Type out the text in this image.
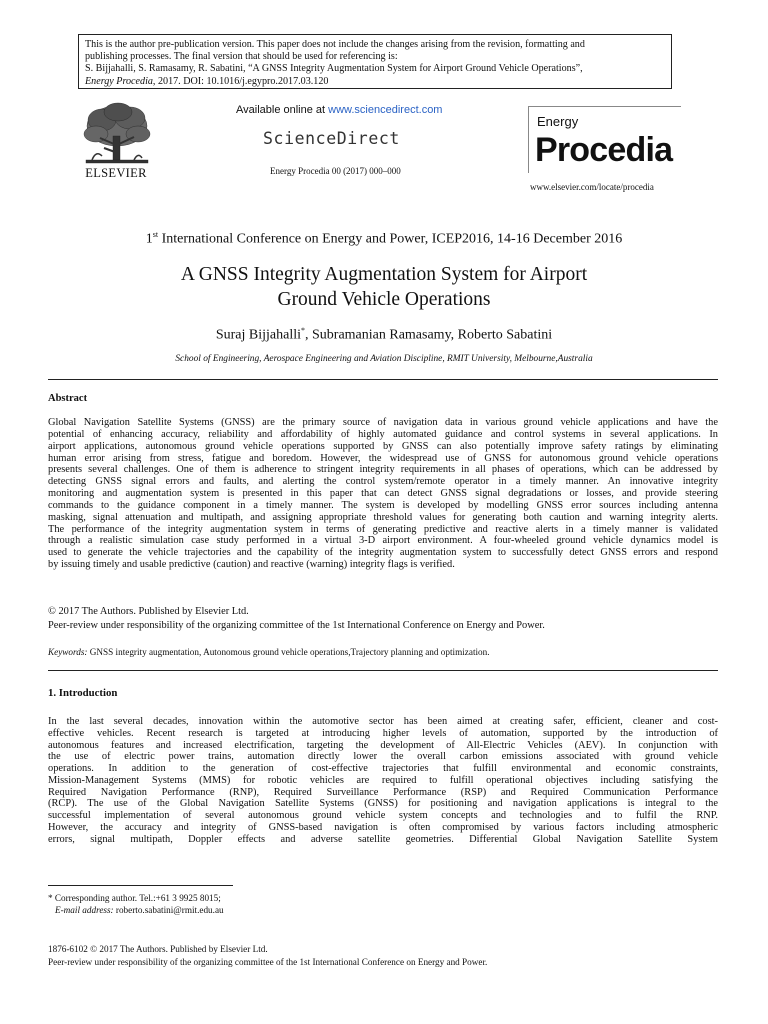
This is the author pre-publication version. This paper does not include the changes arising from the revision, formatting and
publishing processes. The final version that should be used for referencing is:
S. Bijjahalli, S. Ramasamy, R. Sabatini, “A GNSS Integrity Augmentation System for Airport Ground Vehicle Operations”,
Energy Procedia, 2017. DOI: 10.1016/j.egypro.2017.03.120
ELSEVIER
Available online at www.sciencedirect.com
ScienceDirect
Energy Procedia 00 (2017) 000–000
Energy
Procedia
www.elsevier.com/locate/procedia
1st International Conference on Energy and Power, ICEP2016, 14-16 December 2016
A GNSS Integrity Augmentation System for Airport
Ground Vehicle Operations
Suraj Bijjahalli*, Subramanian Ramasamy, Roberto Sabatini
School of Engineering, Aerospace Engineering and Aviation Discipline, RMIT University, Melbourne,Australia
Abstract
Global Navigation Satellite Systems (GNSS) are the primary source of navigation data in various ground vehicle applications and have the
potential of enhancing accuracy, reliability and affordability of highly automated guidance and control systems in several applications. In
airport applications, autonomous ground vehicle operations supported by GNSS can also potentially improve safety ratings by eliminating
human error arising from stress, fatigue and boredom. However, the widespread use of GNSS for autonomous ground vehicle operations
presents several challenges. One of them is adherence to stringent integrity requirements in all phases of operations, which can be addressed by
detecting GNSS signal errors and faults, and alerting the control system/remote operator in a timely manner. An innovative integrity
monitoring and augmentation system is presented in this paper that can detect GNSS signal degradations or losses, and provide steering
commands to the guidance component in a timely manner. The system is developed by modelling GNSS error sources including antenna
masking, signal attenuation and multipath, and assigning appropriate threshold values for generating both caution and warning integrity alerts.
The performance of the integrity augmentation system in terms of generating predictive and reactive alerts in a timely manner is validated
through a realistic simulation case study performed in a virtual 3-D airport environment. A four-wheeled ground vehicle dynamics model is
used to generate the vehicle trajectories and the capability of the integrity augmentation system to successfully detect GNSS errors and respond
by issuing timely and usable predictive (caution) and reactive (warning) integrity flags is verified.
© 2017 The Authors. Published by Elsevier Ltd.
Peer-review under responsibility of the organizing committee of the 1st International Conference on Energy and Power.
Keywords: GNSS integrity augmentation, Autonomous ground vehicle operations,Trajectory planning and optimization.
1. Introduction
In the last several decades, innovation within the automotive sector has been aimed at creating safer, efficient, cleaner and cost-
effective vehicles. Recent research is targeted at introducing higher levels of automation, supported by the introduction of
autonomous features and increased electrification, targeting the development of All-Electric Vehicles (AEV). In conjunction with
the use of electric power trains, automation directly lower the overall carbon emissions associated with ground vehicle
operations. In addition to the generation of cost-effective trajectories that fulfill environmental and economic constraints,
Mission-Management Systems (MMS) for robotic vehicles are required to fulfill operational objectives including satisfying the
Required Navigation Performance (RNP), Required Surveillance Performance (RSP) and Required Communication Performance
(RCP). The use of the Global Navigation Satellite Systems (GNSS) for positioning and navigation applications is integral to the
successful implementation of several autonomous ground vehicle system concepts and technologies and to fulfil the RNP.
However, the accuracy and integrity of GNSS-based navigation is often compromised by various factors including atmospheric
errors, signal multipath, Doppler effects and adverse satellite geometries. Differential Global Navigation Satellite System
* Corresponding author. Tel.:+61 3 9925 8015;
E-mail address: roberto.sabatini@rmit.edu.au
1876-6102 © 2017 The Authors. Published by Elsevier Ltd.
Peer-review under responsibility of the organizing committee of the 1st International Conference on Energy and Power.
